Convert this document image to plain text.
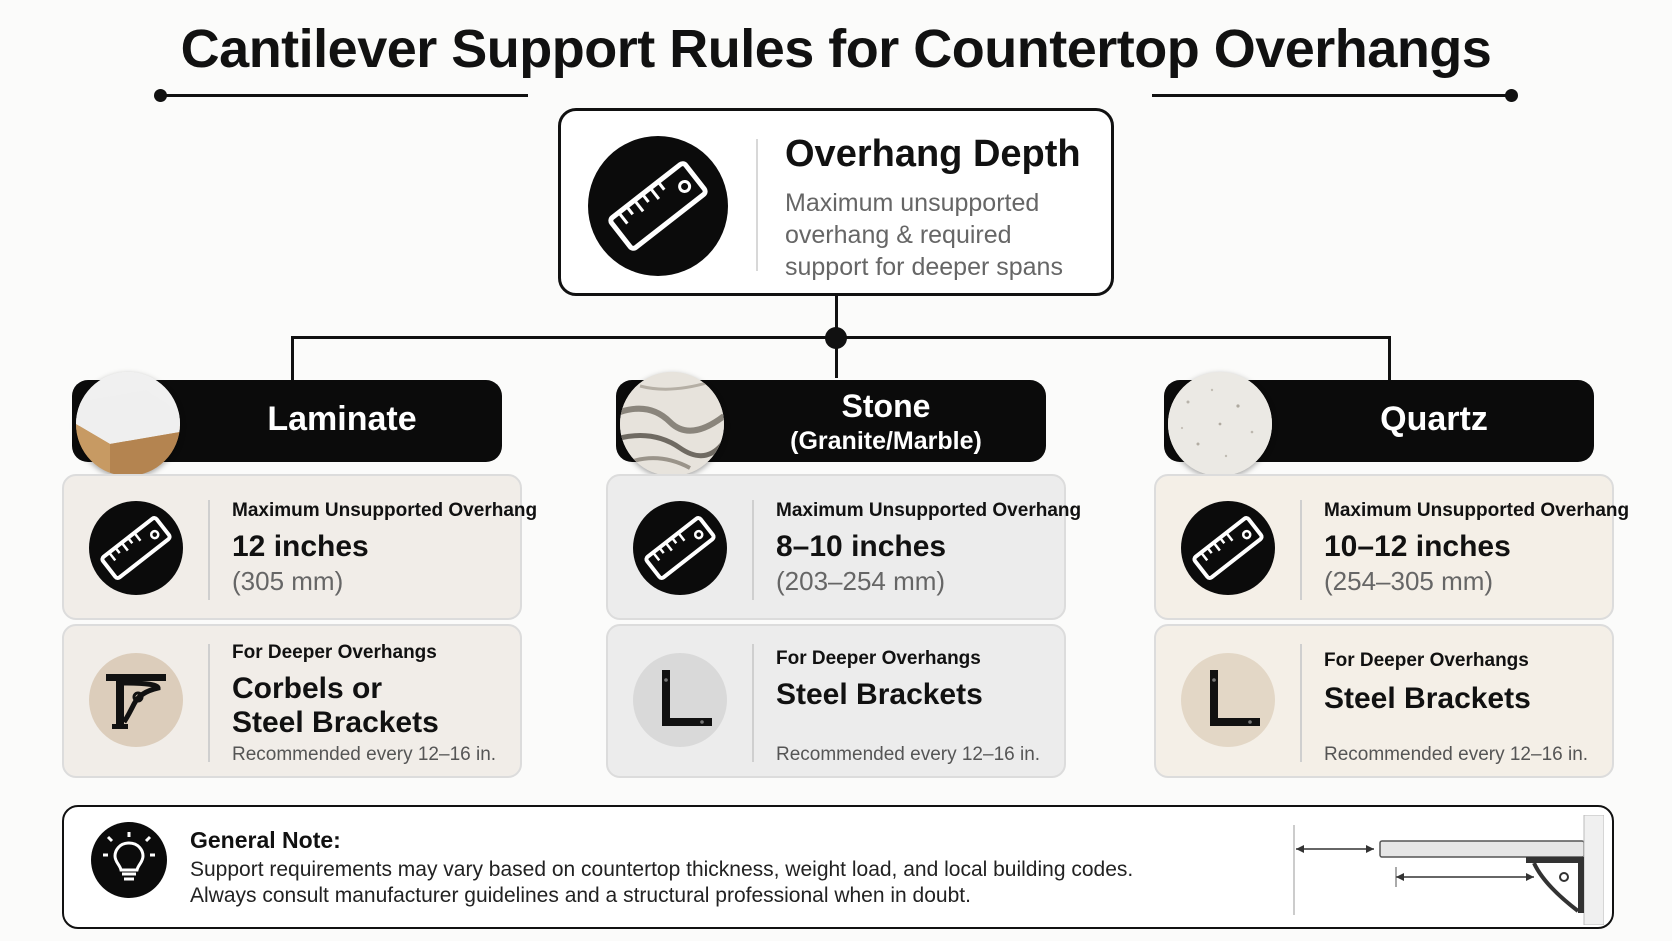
Cantilever Support Rules for Countertop Overhangs
Overhang Depth

Maximum unsupported overhang & required support for deeper spans

Laminate
Maximum Unsupported Overhang
12 inches
(305 mm)
For Deeper Overhangs
Corbels or Steel Brackets
Recommended every 12–16 in.
Stone
(Granite/Marble)
Maximum Unsupported Overhang
8–10 inches
(203–254 mm)
For Deeper Overhangs
Steel Brackets
Recommended every 12–16 in.
Quartz
Maximum Unsupported Overhang
10–12 inches
(254–305 mm)
For Deeper Overhangs
Steel Brackets
Recommended every 12–16 in.
General Note:
Support requirements may vary based on countertop thickness, weight load, and local building codes.
Always consult manufacturer guidelines and a structural professional when in doubt.
